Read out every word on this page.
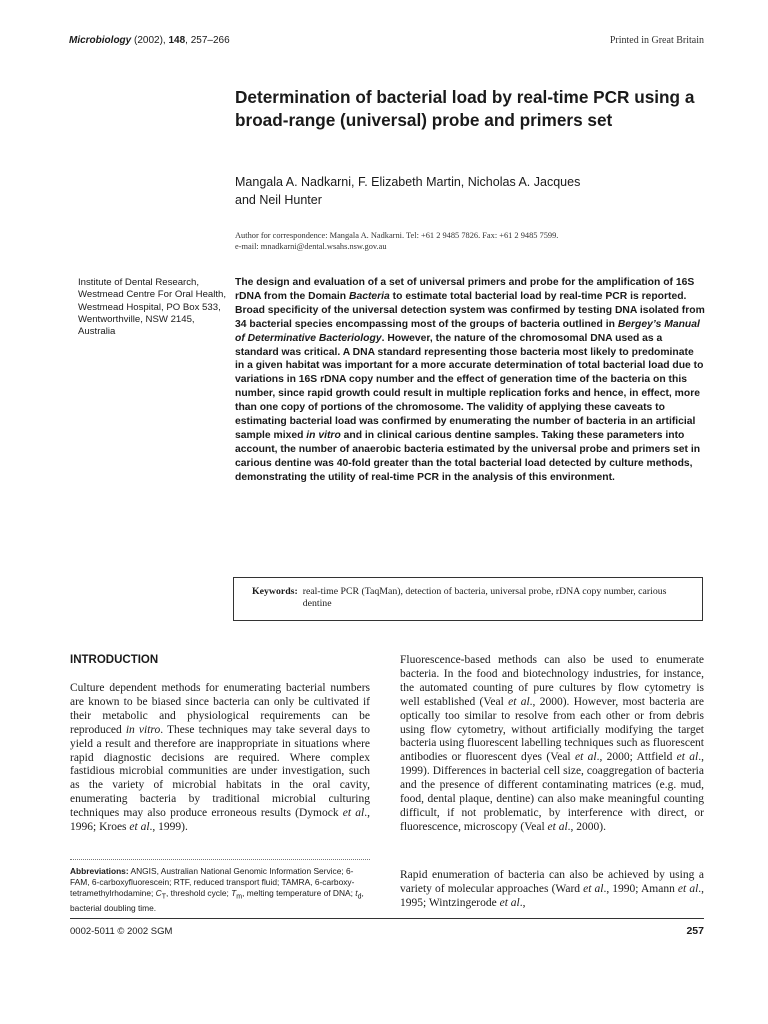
Microbiology (2002), 148, 257–266	Printed in Great Britain
Determination of bacterial load by real-time PCR using a broad-range (universal) probe and primers set

Mangala A. Nadkarni, F. Elizabeth Martin, Nicholas A. Jacques
and Neil Hunter

Author for correspondence: Mangala A. Nadkarni. Tel: +61 2 9485 7826. Fax: +61 2 9485 7599.
e-mail: mnadkarni@dental.wsahs.nsw.gov.au

Institute of Dental Research, Westmead Centre For Oral Health, Westmead Hospital, PO Box 533, Wentworthville, NSW 2145, Australia

The design and evaluation of a set of universal primers and probe for the amplification of 16S rDNA from the Domain Bacteria to estimate total bacterial load by real-time PCR is reported. Broad specificity of the universal detection system was confirmed by testing DNA isolated from 34 bacterial species encompassing most of the groups of bacteria outlined in Bergey’s Manual of Determinative Bacteriology. However, the nature of the chromosomal DNA used as a standard was critical. A DNA standard representing those bacteria most likely to predominate in a given habitat was important for a more accurate determination of total bacterial load due to variations in 16S rDNA copy number and the effect of generation time of the bacteria on this number, since rapid growth could result in multiple replication forks and hence, in effect, more than one copy of portions of the chromosome. The validity of applying these caveats to estimating bacterial load was confirmed by enumerating the number of bacteria in an artificial sample mixed in vitro and in clinical carious dentine samples. Taking these parameters into account, the number of anaerobic bacteria estimated by the universal probe and primers set in carious dentine was 40-fold greater than the total bacterial load detected by culture methods, demonstrating the utility of real-time PCR in the analysis of this environment.

Keywords: real-time PCR (TaqMan), detection of bacteria, universal probe, rDNA copy number, carious dentine
INTRODUCTION

Culture dependent methods for enumerating bacterial numbers are known to be biased since bacteria can only be cultivated if their metabolic and physiological requirements can be reproduced in vitro. These techniques may take several days to yield a result and therefore are inappropriate in situations where rapid diagnostic decisions are required. Where complex fastidious microbial communities are under investigation, such as the variety of microbial habitats in the oral cavity, enumerating bacteria by traditional microbial culturing techniques may also produce erroneous results (Dymock et al., 1996; Kroes et al., 1999).

Abbreviations: ANGIS, Australian National Genomic Information Service; 6-FAM, 6-carboxyfluorescein; RTF, reduced transport fluid; TAMRA, 6-carboxy-tetramethylrhodamine; $C_T$, threshold cycle; $T_m$, melting temperature of DNA; $t_d$, bacterial doubling time.

Fluorescence-based methods can also be used to enumerate bacteria. In the food and biotechnology industries, for instance, the automated counting of pure cultures by flow cytometry is well established (Veal et al., 2000). However, most bacteria are optically too similar to resolve from each other or from debris using flow cytometry, without artificially modifying the target bacteria using fluorescent labelling techniques such as fluorescent antibodies or fluorescent dyes (Veal et al., 2000; Attfield et al., 1999). Differences in bacterial cell size, coaggregation of bacteria and the presence of different contaminating matrices (e.g. mud, food, dental plaque, dentine) can also make meaningful counting difficult, if not problematic, by interference with direct, or fluorescence, microscopy (Veal et al., 2000).

Rapid enumeration of bacteria can also be achieved by using a variety of molecular approaches (Ward et al., 1990; Amann et al., 1995; Wintzingerode et al.,

0002-5011 © 2002 SGM	257
